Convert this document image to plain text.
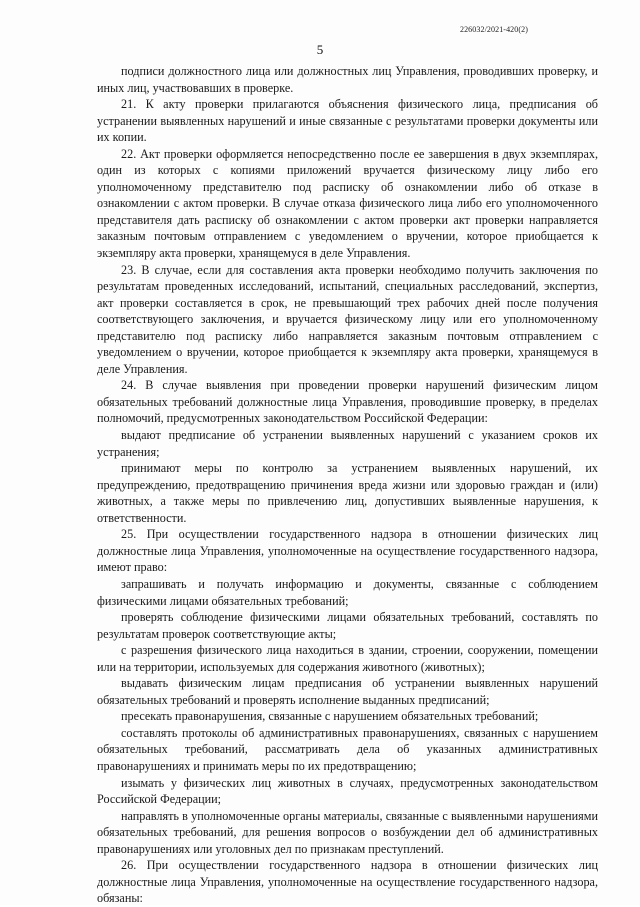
226032/2021-420(2)
5

подписи должностного лица или должностных лиц Управления, проводивших проверку, и иных лиц, участвовавших в проверке.

21. К акту проверки прилагаются объяснения физического лица, предписания об устранении выявленных нарушений и иные связанные с результатами проверки документы или их копии.

22. Акт проверки оформляется непосредственно после ее завершения в двух экземплярах, один из которых с копиями приложений вручается физическому лицу либо его уполномоченному представителю под расписку об ознакомлении либо об отказе в ознакомлении с актом проверки. В случае отказа физического лица либо его уполномоченного представителя дать расписку об ознакомлении с актом проверки акт проверки направляется заказным почтовым отправлением с уведомлением о вручении, которое приобщается к экземпляру акта проверки, хранящемуся в деле Управления.

23. В случае, если для составления акта проверки необходимо получить заключения по результатам проведенных исследований, испытаний, специальных расследований, экспертиз, акт проверки составляется в срок, не превышающий трех рабочих дней после получения соответствующего заключения, и вручается физическому лицу или его уполномоченному представителю под расписку либо направляется заказным почтовым отправлением с уведомлением о вручении, которое приобщается к экземпляру акта проверки, хранящемуся в деле Управления.

24. В случае выявления при проведении проверки нарушений физическим лицом обязательных требований должностные лица Управления, проводившие проверку, в пределах полномочий, предусмотренных законодательством Российской Федерации:

выдают предписание об устранении выявленных нарушений с указанием сроков их устранения;

принимают меры по контролю за устранением выявленных нарушений, их предупреждению, предотвращению причинения вреда жизни или здоровью граждан и (или) животных, а также меры по привлечению лиц, допустивших выявленные нарушения, к ответственности.

25. При осуществлении государственного надзора в отношении физических лиц должностные лица Управления, уполномоченные на осуществление государственного надзора, имеют право:

запрашивать и получать информацию и документы, связанные с соблюдением физическими лицами обязательных требований;

проверять соблюдение физическими лицами обязательных требований, составлять по результатам проверок соответствующие акты;

с разрешения физического лица находиться в здании, строении, сооружении, помещении или на территории, используемых для содержания животного (животных);

выдавать физическим лицам предписания об устранении выявленных нарушений обязательных требований и проверять исполнение выданных предписаний;

пресекать правонарушения, связанные с нарушением обязательных требований;

составлять протоколы об административных правонарушениях, связанных с нарушением обязательных требований, рассматривать дела об указанных административных правонарушениях и принимать меры по их предотвращению;

изымать у физических лиц животных в случаях, предусмотренных законодательством Российской Федерации;

направлять в уполномоченные органы материалы, связанные с выявленными нарушениями обязательных требований, для решения вопросов о возбуждении дел об административных правонарушениях или уголовных дел по признакам преступлений.

26. При осуществлении государственного надзора в отношении физических лиц должностные лица Управления, уполномоченные на осуществление государственного надзора, обязаны:
